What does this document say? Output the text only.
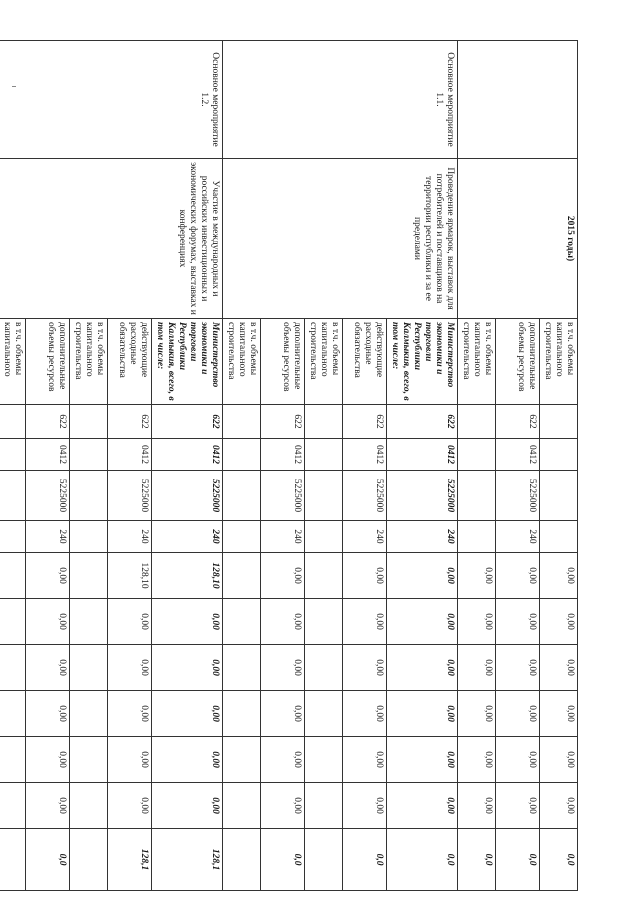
	2015 годы)	в т.ч. объемы капитального строительства					0,00	0,00	0,00	0,00	0,00	0,00	0,0
		дополнительные объемы ресурсов	622	0412	5225000	240	0,00	0,00	0,00	0,00	0,00	0,00	0,0
		в т.ч. объемы капитального строительства					0,00	0,00	0,00	0,00	0,00	0,00	0,0
Основное мероприятие 1.1.	Проведение ярмарок, выставок для потребителей и поставщиков на территории республики и за ее пределами	Министерство экономики и торговли Республики Калмыкия, всего, в том числе:	622	0412	5225000	240	0,00	0,00	0,00	0,00	0,00	0,00	0,0
		действующие расходные обязательства	622	0412	5225000	240	0,00	0,00	0,00	0,00	0,00	0,00	0,0
		в т.ч. объемы капитального строительства											
		дополнительные объемы ресурсов	622	0412	5225000	240	0,00	0,00	0,00	0,00	0,00	0,00	0,0
		в т.ч. объемы капитального строительства											
Основное мероприятие 1.2.	Участие в международных и российских инвестиционных и экономических форумах, выставках и конференциях	Министерство экономики и торговли Республики Калмыкия, всего, в том числе:	622	0412	5225000	240	128,10	0,00	0,00	0,00	0,00	0,00	128,1
		действующие расходные обязательства	622	0412	5225000	240	128,10	0,00	0,00	0,00	0,00	0,00	128,1
		в т.ч. объемы капитального строительства											
		дополнительные объемы ресурсов	622	0412	5225000	240	0,00	0,00	0,00	0,00	0,00	0,00	0,0
		в т.ч. объемы капитального											
